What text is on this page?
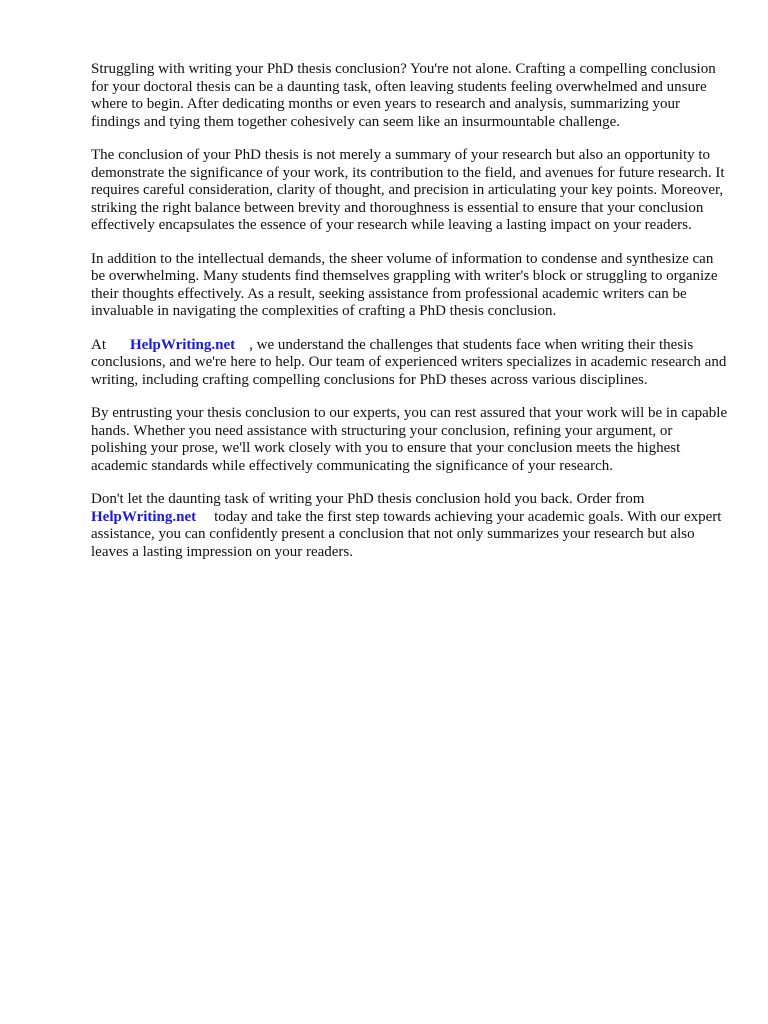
Struggling with writing your PhD thesis conclusion? You're not alone. Crafting a compelling conclusion for your doctoral thesis can be a daunting task, often leaving students feeling overwhelmed and unsure where to begin. After dedicating months or even years to research and analysis, summarizing your findings and tying them together cohesively can seem like an insurmountable challenge.

The conclusion of your PhD thesis is not merely a summary of your research but also an opportunity to demonstrate the significance of your work, its contribution to the field, and avenues for future research. It requires careful consideration, clarity of thought, and precision in articulating your key points. Moreover, striking the right balance between brevity and thoroughness is essential to ensure that your conclusion effectively encapsulates the essence of your research while leaving a lasting impact on your readers.

In addition to the intellectual demands, the sheer volume of information to condense and synthesize can be overwhelming. Many students find themselves grappling with writer's block or struggling to organize their thoughts effectively. As a result, seeking assistance from professional academic writers can be invaluable in navigating the complexities of crafting a PhD thesis conclusion.

At HelpWriting.net , we understand the challenges that students face when writing their thesis conclusions, and we're here to help. Our team of experienced writers specializes in academic research and writing, including crafting compelling conclusions for PhD theses across various disciplines.

By entrusting your thesis conclusion to our experts, you can rest assured that your work will be in capable hands. Whether you need assistance with structuring your conclusion, refining your argument, or polishing your prose, we'll work closely with you to ensure that your conclusion meets the highest academic standards while effectively communicating the significance of your research.

Don't let the daunting task of writing your PhD thesis conclusion hold you back. Order from HelpWriting.net today and take the first step towards achieving your academic goals. With our expert assistance, you can confidently present a conclusion that not only summarizes your research but also leaves a lasting impression on your readers.
